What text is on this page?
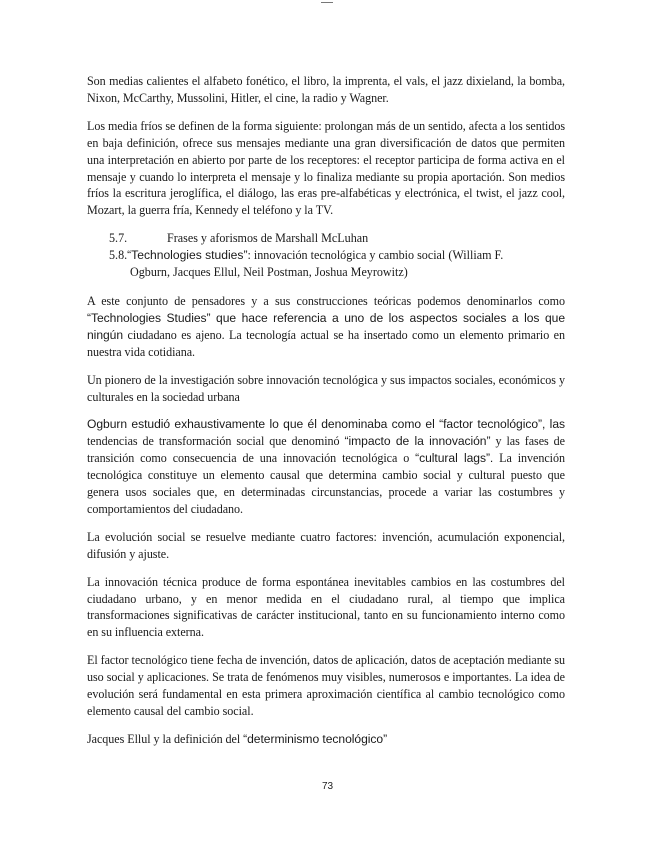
Son medias calientes el alfabeto fonético, el libro, la imprenta, el vals, el jazz dixieland, la bomba, Nixon, McCarthy, Mussolini, Hitler, el cine, la radio y Wagner.

Los media fríos se definen de la forma siguiente: prolongan más de un sentido, afecta a los sentidos en baja definición, ofrece sus mensajes mediante una gran diversificación de datos que permiten una interpretación en abierto por parte de los receptores: el receptor participa de forma activa en el mensaje y cuando lo interpreta el mensaje y lo finaliza mediante su propia aportación. Son medios fríos la escritura jeroglífica, el diálogo, las eras pre-alfabéticas y electrónica, el twist, el jazz cool, Mozart, la guerra fría, Kennedy el teléfono y la TV.

5.7.	Frases y aforismos de Marshall McLuhan
5.8. “Technologies studies”: innovación tecnológica y cambio social (William F.
Ogburn, Jacques Ellul, Neil Postman, Joshua Meyrowitz)

A este conjunto de pensadores y a sus construcciones teóricas podemos denominarlos como “Technologies Studies” que hace referencia a uno de los aspectos sociales a los que ningún ciudadano es ajeno. La tecnología actual se ha insertado como un elemento primario en nuestra vida cotidiana.

Un pionero de la investigación sobre innovación tecnológica y sus impactos sociales, económicos y culturales en la sociedad urbana

Ogburn estudió exhaustivamente lo que él denominaba como el “factor tecnológico”, las tendencias de transformación social que denominó “impacto de la innovación” y las fases de transición como consecuencia de una innovación tecnológica o “cultural lags”. La invención tecnológica constituye un elemento causal que determina cambio social y cultural puesto que genera usos sociales que, en determinadas circunstancias, procede a variar las costumbres y comportamientos del ciudadano.

La evolución social se resuelve mediante cuatro factores: invención, acumulación exponencial, difusión y ajuste.

La innovación técnica produce de forma espontánea inevitables cambios en las costumbres del ciudadano urbano, y en menor medida en el ciudadano rural, al tiempo que implica transformaciones significativas de carácter institucional, tanto en su funcionamiento interno como en su influencia externa.

El factor tecnológico tiene fecha de invención, datos de aplicación, datos de aceptación mediante su uso social y aplicaciones. Se trata de fenómenos muy visibles, numerosos e importantes. La idea de evolución será fundamental en esta primera aproximación científica al cambio tecnológico como elemento causal del cambio social.

Jacques Ellul y la definición del “determinismo tecnológico”

73
